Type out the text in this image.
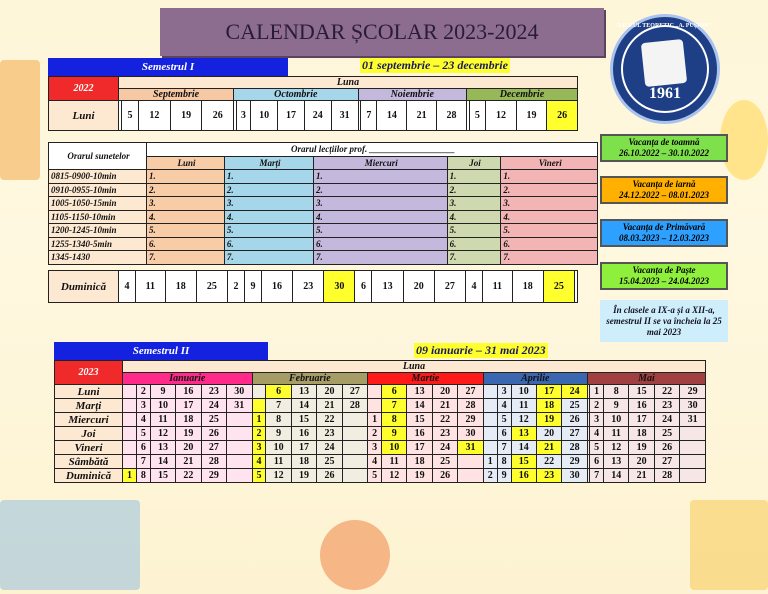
CALENDAR ȘCOLAR 2023-2024	LICEUL TEORETIC „A. PUȘKIN"
1961
Semestrul I	01 septembrie – 23 decembrie
2022	Luna																				
	Septembrie					Octombrie						Noiembrie					Decembrie				
Luni		5	12	19	26		3	10	17	24	31		7	14	21	28		5	12	19	26
Orarul sunetelor	Orarul lecțiilor prof. ___________________				
	Luni	Marți	Miercuri	Joi	Vineri
0815-0900-10min	1.	1.	1.	1.	1.
0910-0955-10min	2.	2.	2.	2.	2.
1005-1050-15min	3.	3.	3.	3.	3.
1105-1150-10min	4.	4.	4.	4.	4.
1200-1245-10min	5.	5.	5.	5.	5.
1255-1340-5min	6.	6.	6.	6.	6.
1345-1430	7.	7.	7.	7.	7.
Duminică	4	11	18	25	2	9	16	23	30	6	13	20	27	4	11	18	25	
Vacanța de toamnă
26.10.2022 – 30.10.2022
Vacanța de iarnă
24.12.2022 – 08.01.2023
Vacanța de Primăvară
08.03.2023 – 12.03.2023
Vacanța de Paște
15.04.2023 – 24.04.2023
În clasele a IX-a și a XII-a, semestrul II se va încheia la 25 mai 2023
Semestrul II	09 ianuarie – 31 mai 2023
2023	Luna																										
	Ianuarie						Februarie					Martie					Aprilie					Mai					
Luni		2	9	16	23	30		6	13	20	27		6	13	20	27		3	10	17	24		1	8	15	22	29
Marți		3	10	17	24	31		7	14	21	28		7	14	21	28		4	11	18	25		2	9	16	23	30
Miercuri		4	11	18	25		1	8	15	22		1	8	15	22	29		5	12	19	26		3	10	17	24	31
Joi		5	12	19	26		2	9	16	23		2	9	16	23	30		6	13	20	27		4	11	18	25	
Vineri		6	13	20	27		3	10	17	24		3	10	17	24	31		7	14	21	28		5	12	19	26	
Sâmbătă		7	14	21	28		4	11	18	25		4	11	18	25		1	8	15	22	29		6	13	20	27	
Duminică	1	8	15	22	29		5	12	19	26		5	12	19	26		2	9	16	23	30		7	14	21	28	
